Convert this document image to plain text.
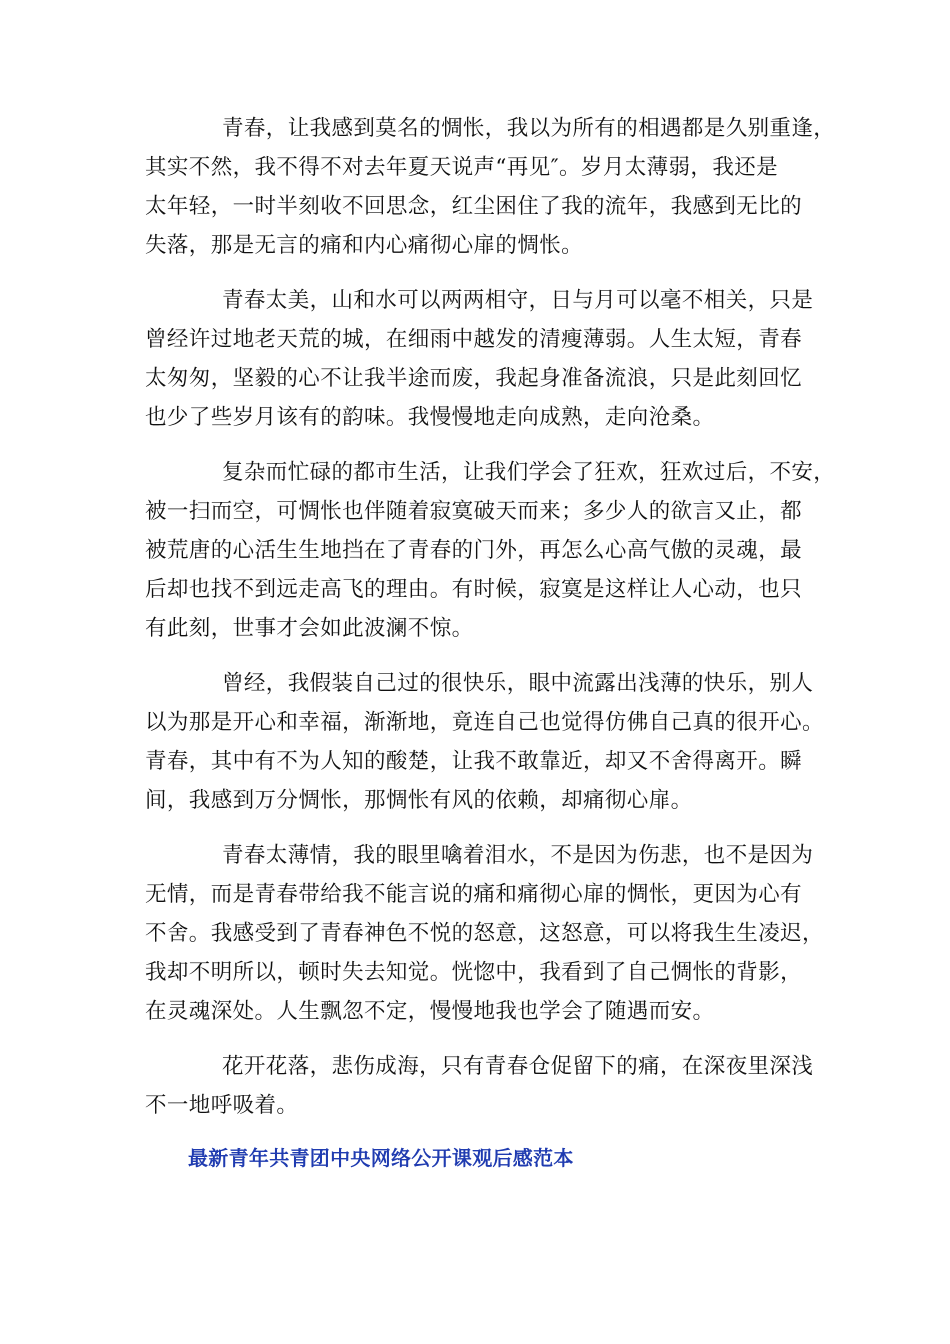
青春，让我感到莫名的惆怅，我以为所有的相遇都是久别重逢，
其实不然，我不得不对去年夏天说声“再见″。岁月太薄弱，我还是
太年轻，一时半刻收不回思念，红尘困住了我的流年，我感到无比的
失落，那是无言的痛和内心痛彻心扉的惆怅。
青春太美，山和水可以两两相守，日与月可以毫不相关，只是
曾经许过地老天荒的城，在细雨中越发的清瘦薄弱。人生太短，青春
太匆匆，坚毅的心不让我半途而废，我起身准备流浪，只是此刻回忆
也少了些岁月该有的韵味。我慢慢地走向成熟，走向沧桑。
复杂而忙碌的都市生活，让我们学会了狂欢，狂欢过后，不安，
被一扫而空，可惆怅也伴随着寂寞破天而来；多少人的欲言又止，都
被荒唐的心活生生地挡在了青春的门外，再怎么心高气傲的灵魂，最
后却也找不到远走高飞的理由。有时候，寂寞是这样让人心动，也只
有此刻，世事才会如此波澜不惊。
曾经，我假装自己过的很快乐，眼中流露出浅薄的快乐，别人
以为那是开心和幸福，渐渐地，竟连自己也觉得仿佛自己真的很开心。
青春，其中有不为人知的酸楚，让我不敢靠近，却又不舍得离开。瞬
间，我感到万分惆怅，那惆怅有风的依赖，却痛彻心扉。
青春太薄情，我的眼里噙着泪水，不是因为伤悲，也不是因为
无情，而是青春带给我不能言说的痛和痛彻心扉的惆怅，更因为心有
不舍。我感受到了青春神色不悦的怒意，这怒意，可以将我生生凌迟，
我却不明所以，顿时失去知觉。恍惚中，我看到了自己惆怅的背影，
在灵魂深处。人生飘忽不定，慢慢地我也学会了随遇而安。
花开花落，悲伤成海，只有青春仓促留下的痛，在深夜里深浅
不一地呼吸着。
最新青年共青团中央网络公开课观后感范本
